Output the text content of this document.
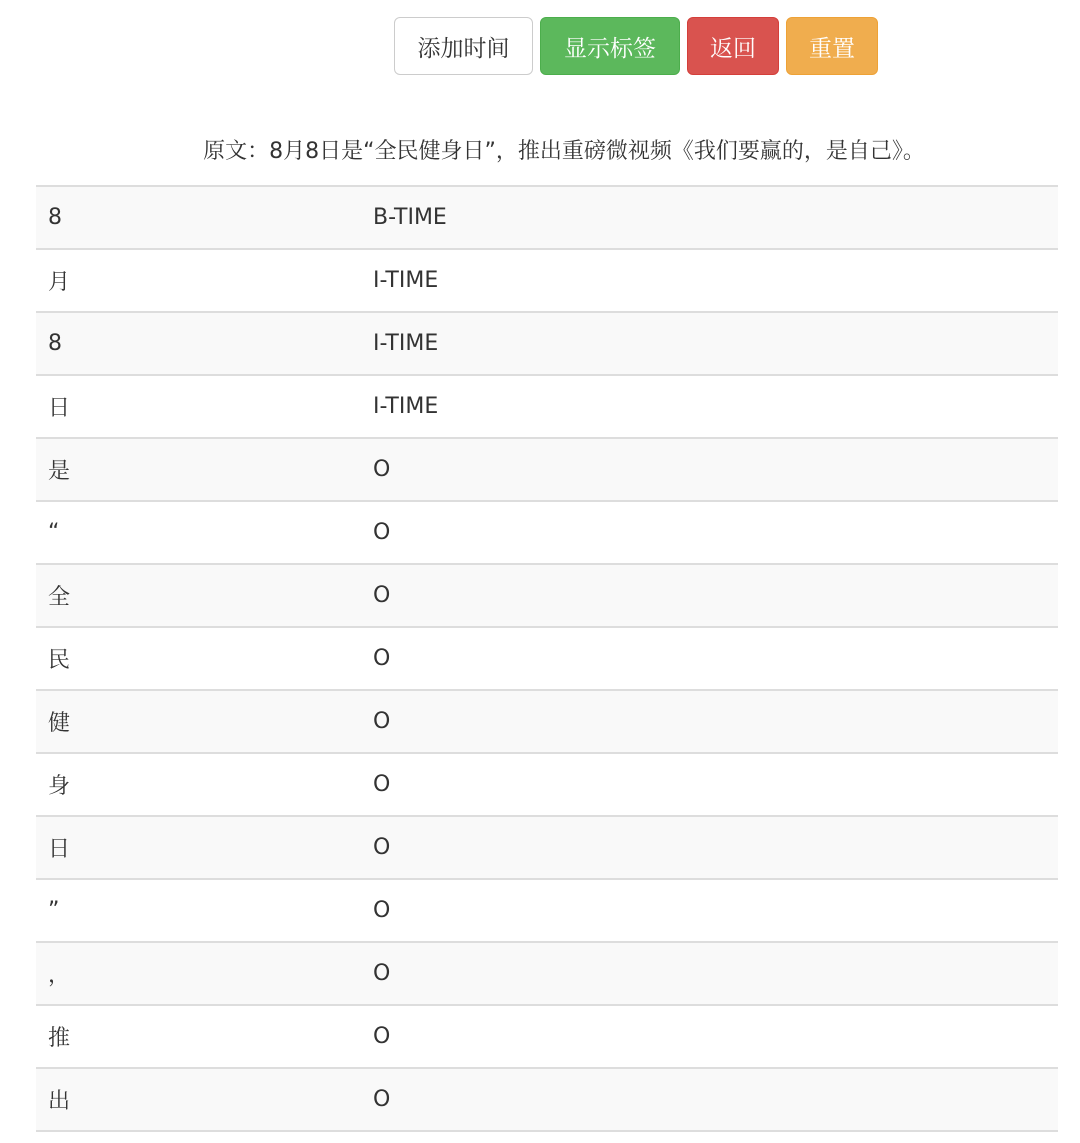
添加时间	显示标签	返回	重置
原文：8月8日是“全民健身日”，推出重磅微视频《我们要赢的，是自己》。
8	B-TIME
月	I-TIME
8	I-TIME
日	I-TIME
是	O
“	O
全	O
民	O
健	O
身	O
日	O
”	O
，	O
推	O
出	O
